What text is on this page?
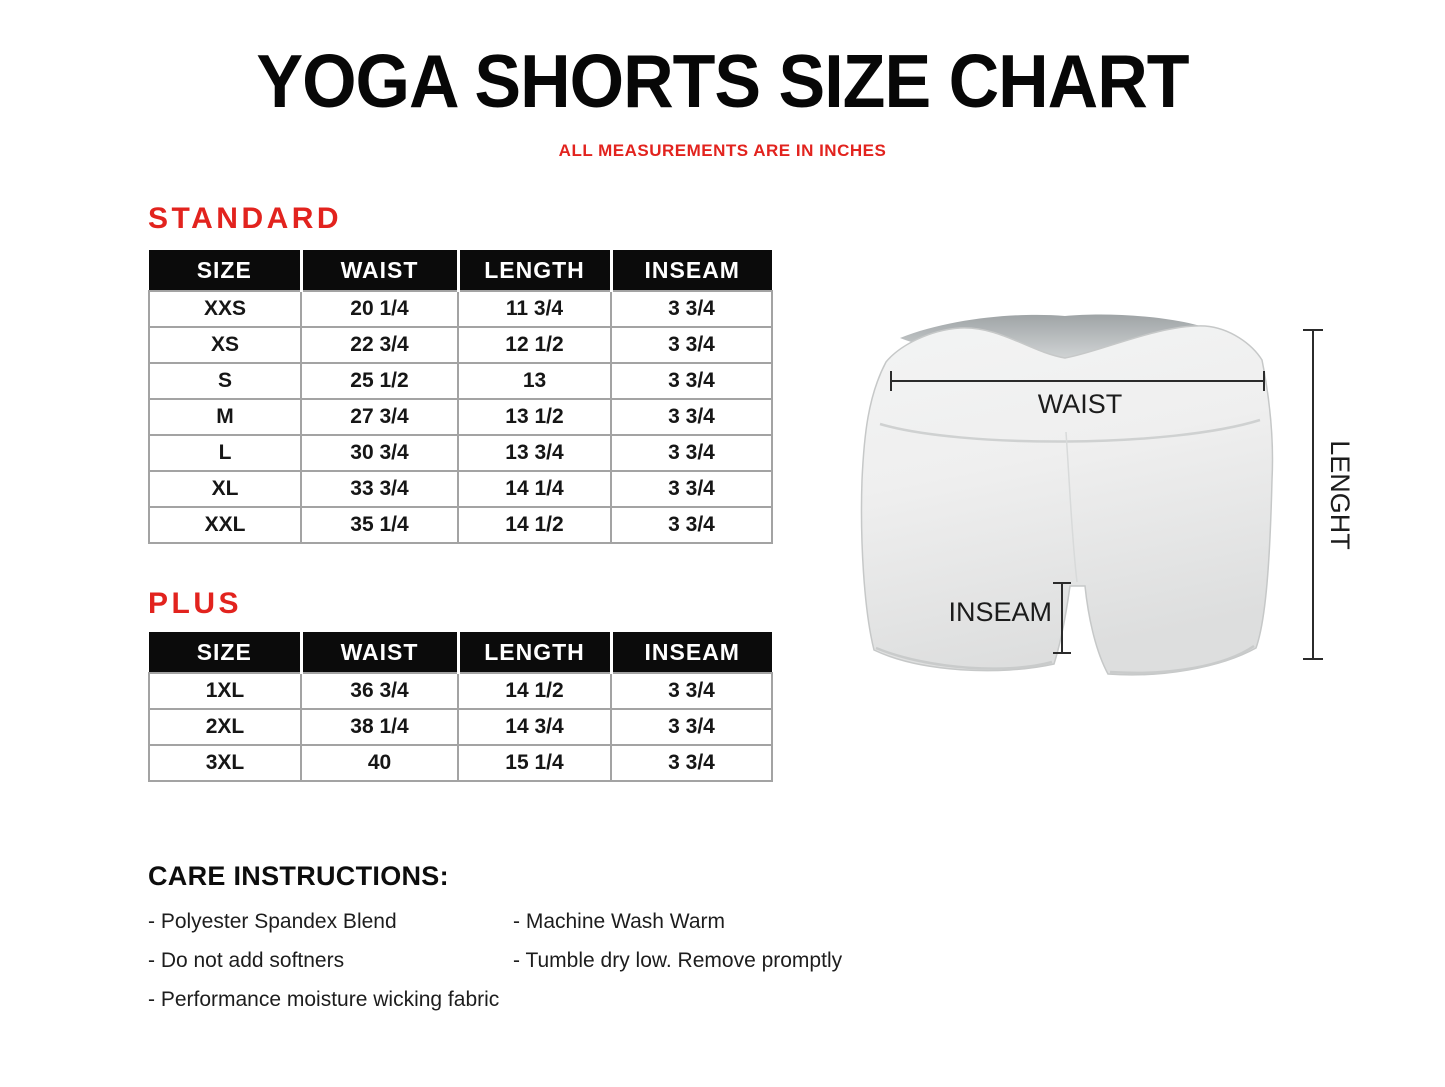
YOGA SHORTS SIZE CHART
ALL MEASUREMENTS ARE IN INCHES
STANDARD
SIZE	WAIST	LENGTH	INSEAM
XXS	20 1/4	11 3/4	3 3/4
XS	22 3/4	12 1/2	3 3/4
S	25 1/2	13	3 3/4
M	27 3/4	13 1/2	3 3/4
L	30 3/4	13 3/4	3 3/4
XL	33 3/4	14 1/4	3 3/4
XXL	35 1/4	14 1/2	3 3/4
PLUS
SIZE	WAIST	LENGTH	INSEAM
1XL	36 3/4	14 1/2	3 3/4
2XL	38 1/4	14 3/4	3 3/4
3XL	40	15 1/4	3 3/4
CARE INSTRUCTIONS:
- Polyester Spandex Blend
- Do not add softners
- Performance moisture wicking fabric
- Machine Wash Warm
- Tumble dry low. Remove promptly
WAIST
INSEAM
LENGHT
